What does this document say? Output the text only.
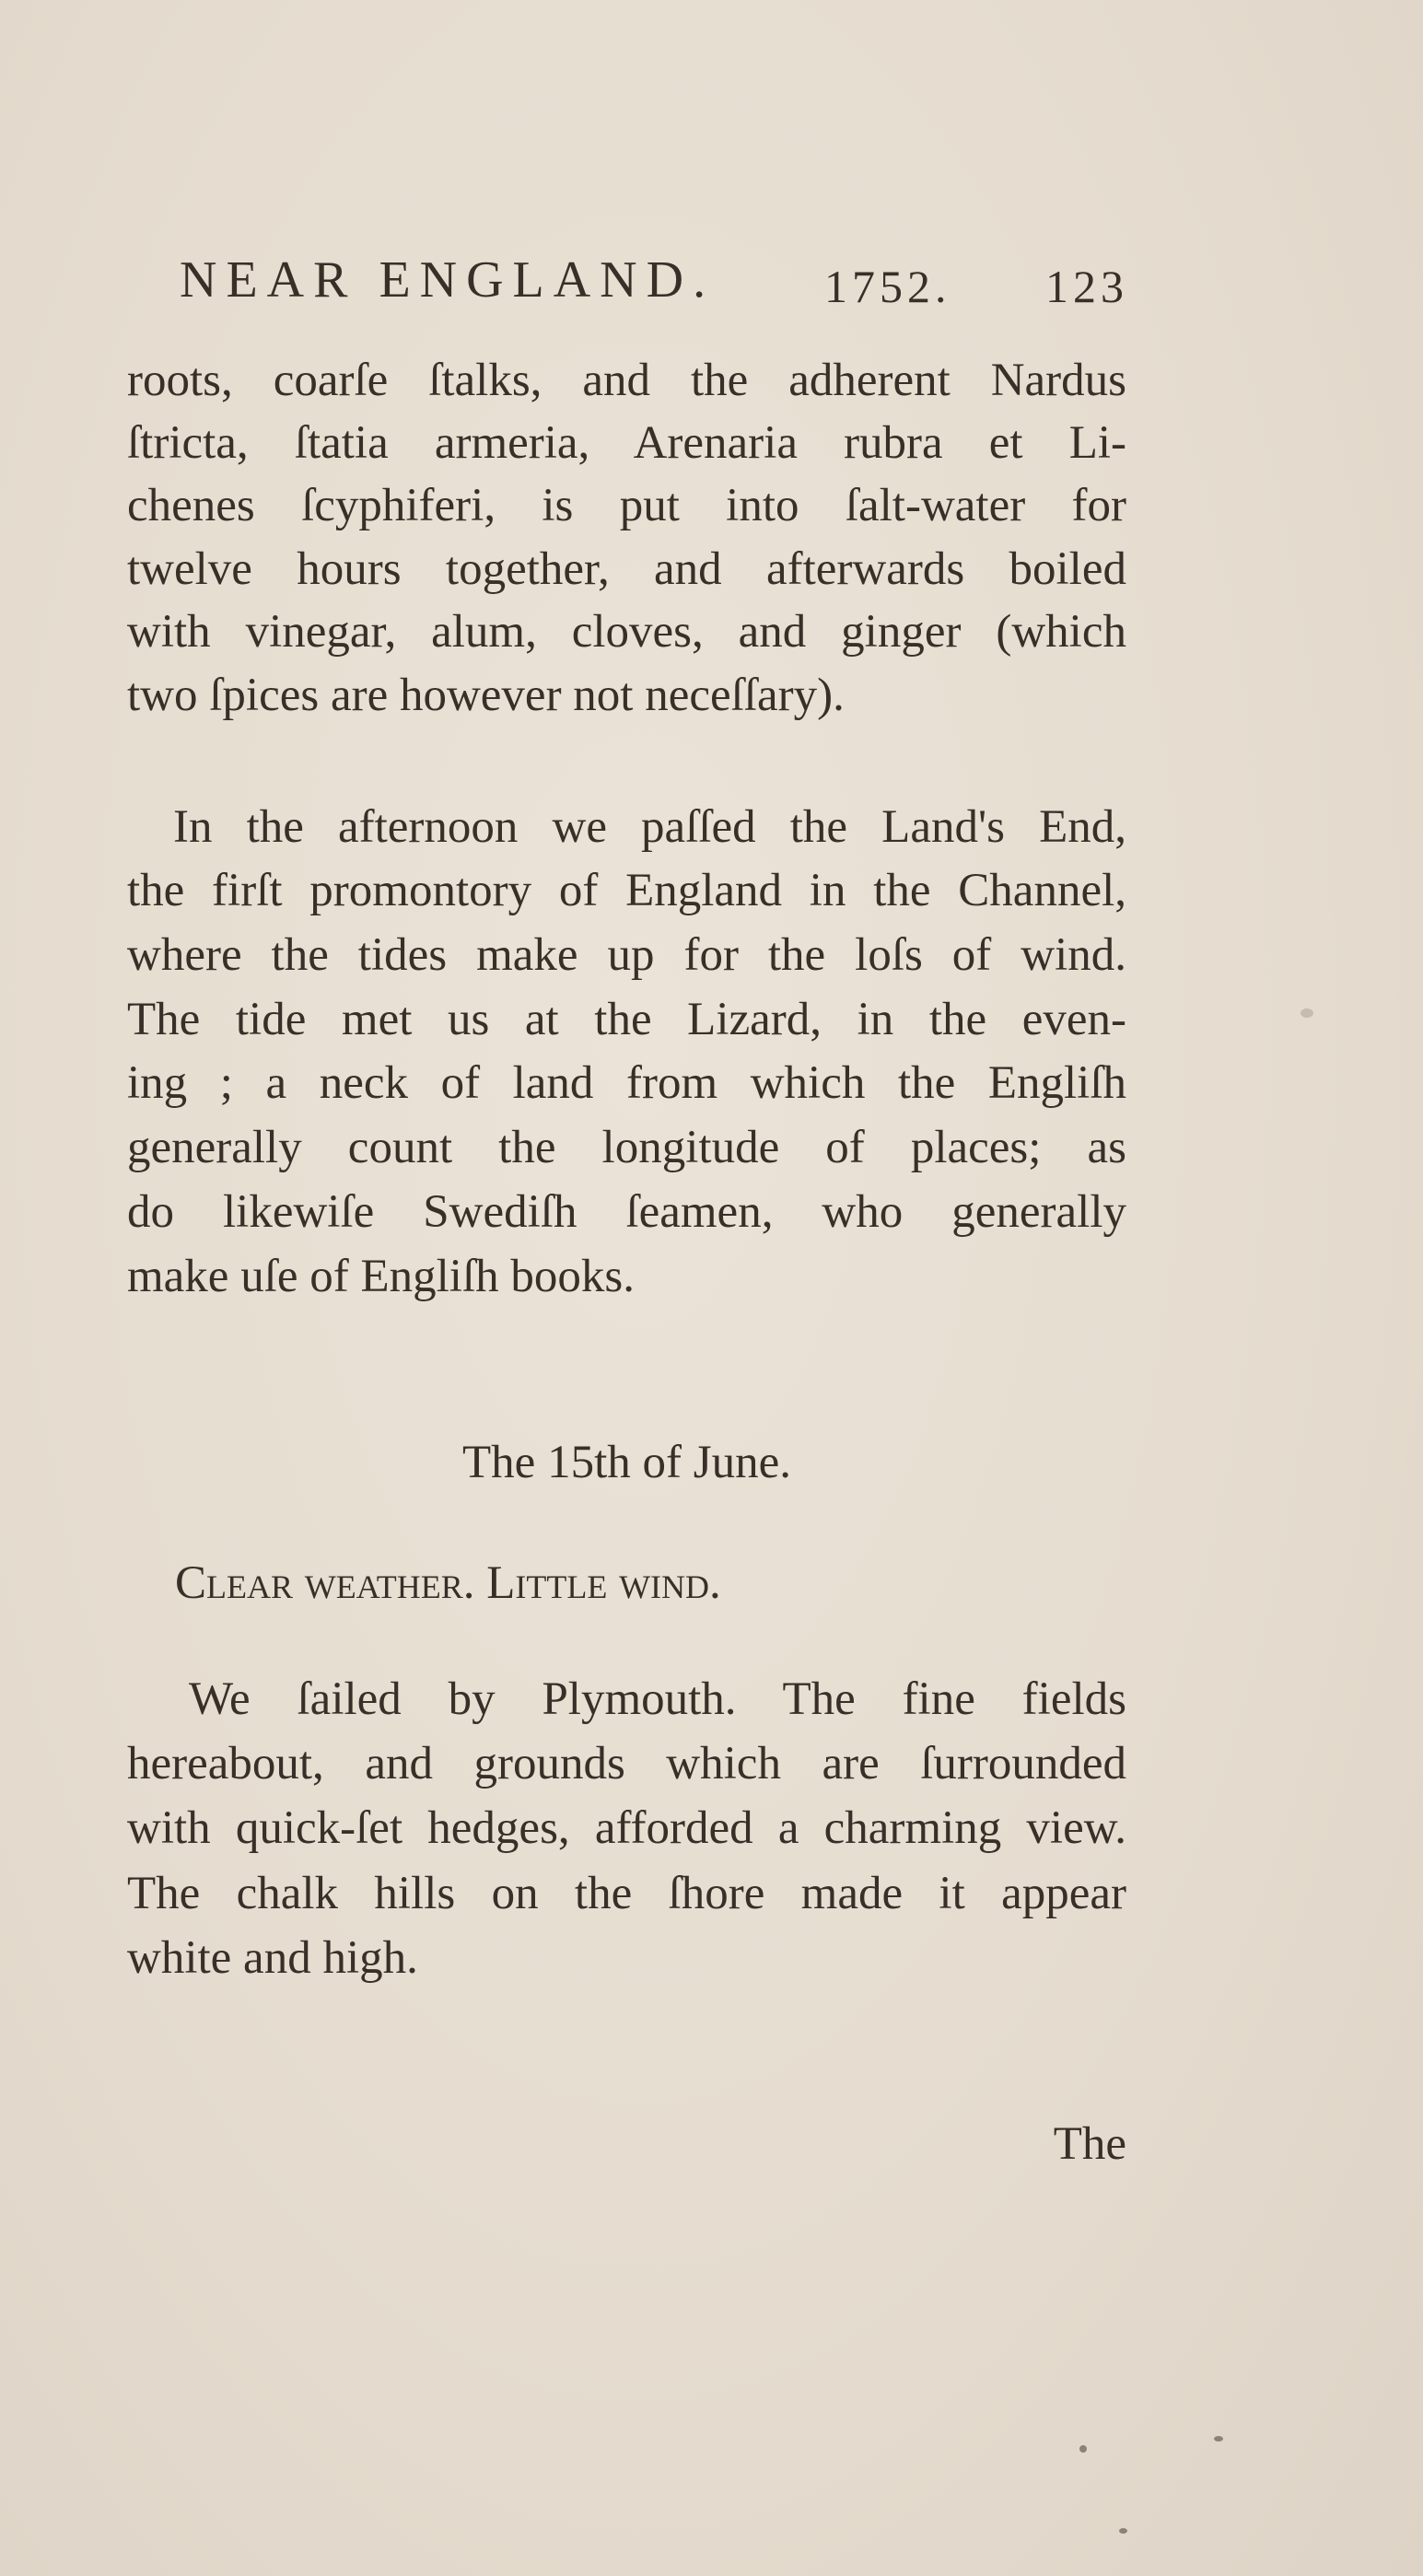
NEAR ENGLAND. 1752. 123
roots, coarſe ſtalks, and the adherent Nardus
ſtricta, ſtatia armeria, Arenaria rubra et Li-
chenes ſcyphiferi, is put into ſalt-water for
twelve hours together, and afterwards boiled
with vinegar, alum, cloves, and ginger (which
two ſpices are however not neceſſary).
In the afternoon we paſſed the Land's End,
the firſt promontory of England in the Channel,
where the tides make up for the loſs of wind.
The tide met us at the Lizard, in the even-
ing ; a neck of land from which the Engliſh
generally count the longitude of places; as
do likewiſe Swediſh ſeamen, who generally
make uſe of Engliſh books.
The 15th of June.
Clear weather. Little wind.
We ſailed by Plymouth. The fine fields
hereabout, and grounds which are ſurrounded
with quick-ſet hedges, afforded a charming view.
The chalk hills on the ſhore made it appear
white and high.
The
